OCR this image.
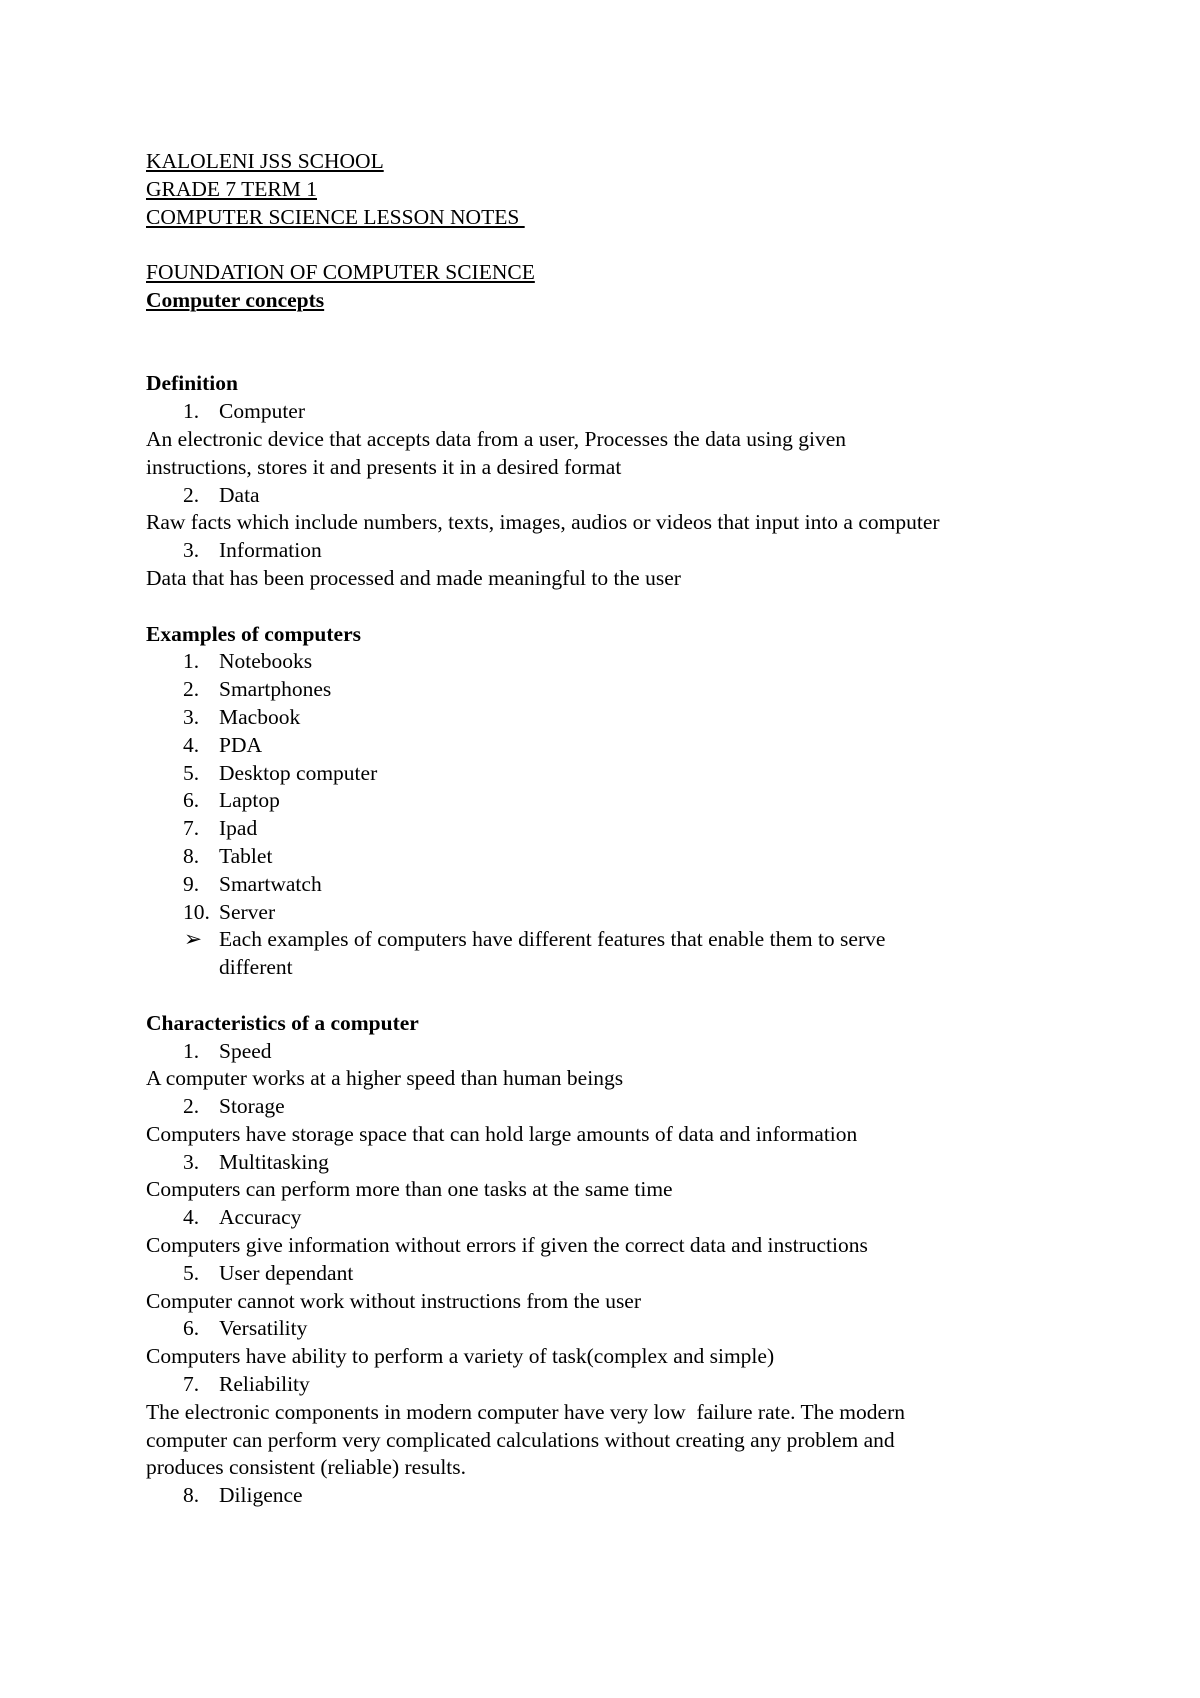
KALOLENI JSS SCHOOL
GRADE 7 TERM 1
COMPUTER SCIENCE LESSON NOTES
FOUNDATION OF COMPUTER SCIENCE
Computer concepts
Definition
1. Computer
An electronic device that accepts data from a user, Processes the data using given
instructions, stores it and presents it in a desired format
2. Data
Raw facts which include numbers, texts, images, audios or videos that input into a computer
3. Information
Data that has been processed and made meaningful to the user
Examples of computers
1. Notebooks
2. Smartphones
3. Macbook
4. PDA
5. Desktop computer
6. Laptop
7. Ipad
8. Tablet
9. Smartwatch
10. Server
➢ Each examples of computers have different features that enable them to serve
different
Characteristics of a computer
1. Speed
A computer works at a higher speed than human beings
2. Storage
Computers have storage space that can hold large amounts of data and information
3. Multitasking
Computers can perform more than one tasks at the same time
4. Accuracy
Computers give information without errors if given the correct data and instructions
5. User dependant
Computer cannot work without instructions from the user
6. Versatility
Computers have ability to perform a variety of task(complex and simple)
7. Reliability
The electronic components in modern computer have very low  failure rate. The modern
computer can perform very complicated calculations without creating any problem and
produces consistent (reliable) results.
8. Diligence
